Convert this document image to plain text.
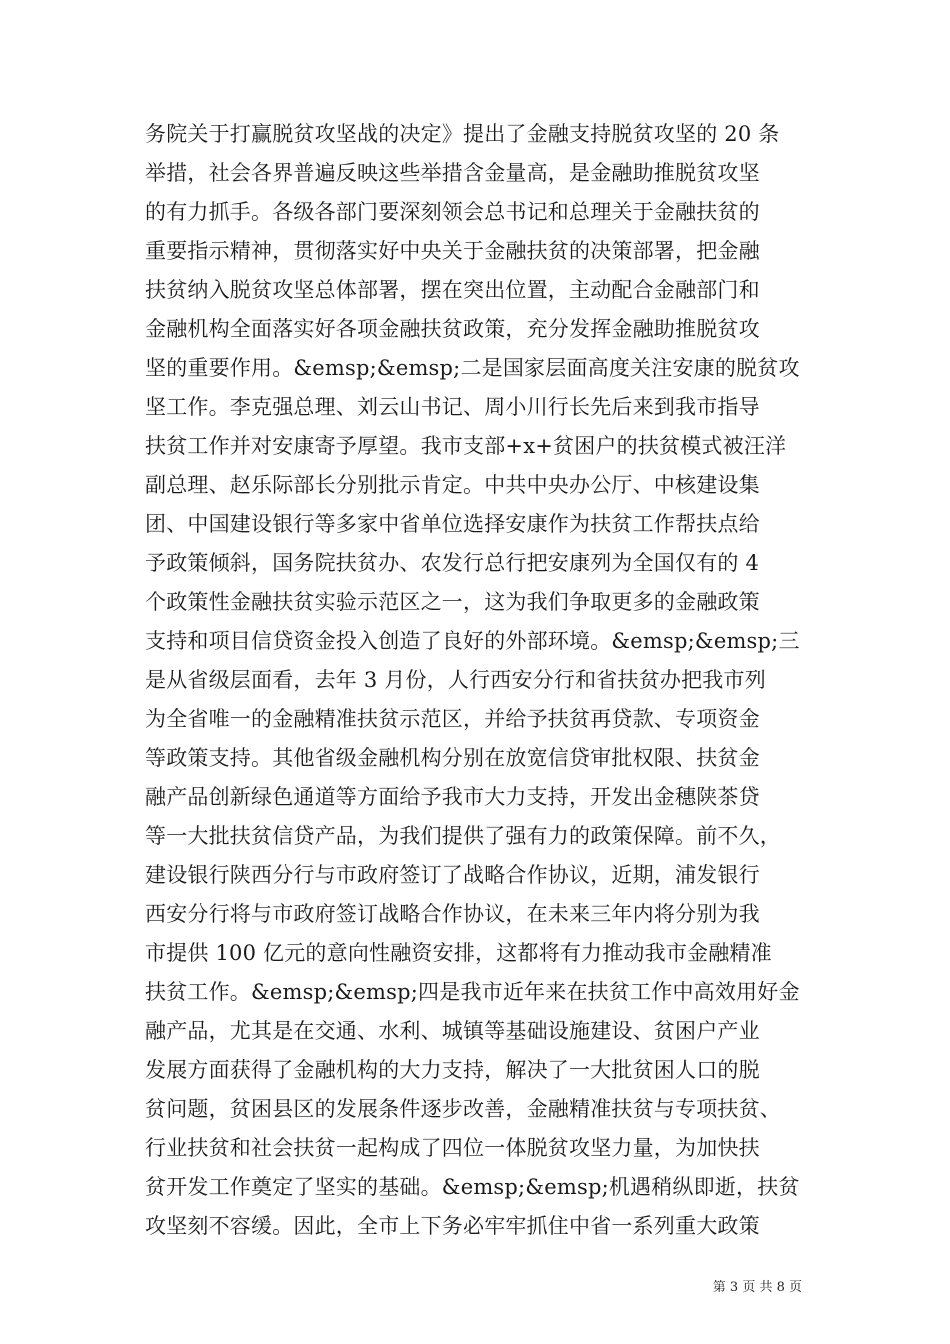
务院关于打赢脱贫攻坚战的决定》提出了金融支持脱贫攻坚的 20 条
举措，社会各界普遍反映这些举措含金量高，是金融助推脱贫攻坚
的有力抓手。各级各部门要深刻领会总书记和总理关于金融扶贫的
重要指示精神，贯彻落实好中央关于金融扶贫的决策部署，把金融
扶贫纳入脱贫攻坚总体部署，摆在突出位置，主动配合金融部门和
金融机构全面落实好各项金融扶贫政策，充分发挥金融助推脱贫攻
坚的重要作用。&emsp;&emsp;二是国家层面高度关注安康的脱贫攻
坚工作。李克强总理、刘云山书记、周小川行长先后来到我市指导
扶贫工作并对安康寄予厚望。我市支部+x+贫困户的扶贫模式被汪洋
副总理、赵乐际部长分别批示肯定。中共中央办公厅、中核建设集
团、中国建设银行等多家中省单位选择安康作为扶贫工作帮扶点给
予政策倾斜，国务院扶贫办、农发行总行把安康列为全国仅有的 4
个政策性金融扶贫实验示范区之一，这为我们争取更多的金融政策
支持和项目信贷资金投入创造了良好的外部环境。&emsp;&emsp;三
是从省级层面看，去年 3 月份，人行西安分行和省扶贫办把我市列
为全省唯一的金融精准扶贫示范区，并给予扶贫再贷款、专项资金
等政策支持。其他省级金融机构分别在放宽信贷审批权限、扶贫金
融产品创新绿色通道等方面给予我市大力支持，开发出金穗陕茶贷
等一大批扶贫信贷产品，为我们提供了强有力的政策保障。前不久，
建设银行陕西分行与市政府签订了战略合作协议，近期，浦发银行
西安分行将与市政府签订战略合作协议，在未来三年内将分别为我
市提供 100 亿元的意向性融资安排，这都将有力推动我市金融精准
扶贫工作。&emsp;&emsp;四是我市近年来在扶贫工作中高效用好金
融产品，尤其是在交通、水利、城镇等基础设施建设、贫困户产业
发展方面获得了金融机构的大力支持，解决了一大批贫困人口的脱
贫问题，贫困县区的发展条件逐步改善，金融精准扶贫与专项扶贫、
行业扶贫和社会扶贫一起构成了四位一体脱贫攻坚力量，为加快扶
贫开发工作奠定了坚实的基础。&emsp;&emsp;机遇稍纵即逝，扶贫
攻坚刻不容缓。因此，全市上下务必牢牢抓住中省一系列重大政策
第 3 页 共 8 页
